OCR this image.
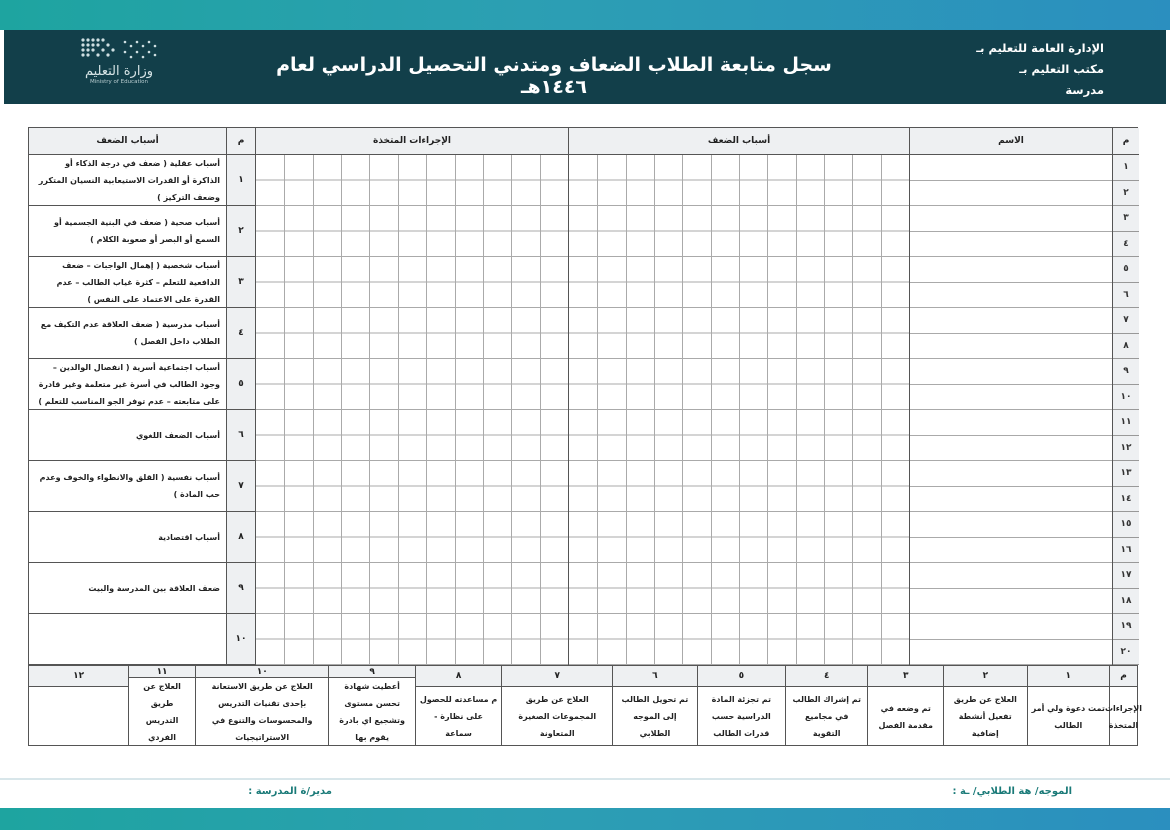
الإدارة العامة للتعليم بـ
مكتب التعليم بـ
مدرسة
سجل متابعة الطلاب الضعاف ومتدني التحصيل الدراسي لعام ١٤٤٦هـ
وزارة التعليم
Ministry of Education
م
١
٢
٣
٤
٥
٦
٧
٨
٩
١٠
١١
١٢
١٣
١٤
١٥
١٦
١٧
١٨
١٩
٢٠
الاسم
أسباب الضعف
الإجراءات المتخذة
م
١
٢
٣
٤
٥
٦
٧
٨
٩
١٠
أسباب الضعف
أسباب عقلية ( ضعف في درجة الذكاء أو الذاكرة أو القدرات الاستيعابية النسيان المتكرر وضعف التركيز )
أسباب صحية ( ضعف في البنية الجسمية أو السمع أو البصر أو صعوبة الكلام )
أسباب شخصية ( إهمال الواجبات – ضعف الدافعية للتعلم – كثرة غياب الطالب – عدم القدرة على الاعتماد على النفس )
أسباب مدرسية ( ضعف العلاقة عدم التكيف مع الطلاب داخل الفصل )
أسباب اجتماعية أسرية ( انفصال الوالدين – وجود الطالب في أسرة غير متعلمة وغير قادرة على متابعته – عدم توفر الجو المناسب للتعلم )
أسباب الضعف اللغوي
أسباب نفسية ( القلق والانطواء والخوف وعدم حب المادة )
أسباب اقتصادية
ضعف العلاقة بين المدرسة والبيت
م
الإجراءات المتخذة
١
تمت دعوة ولي أمر الطالب
٢
العلاج عن طريق تفعيل أنشطة إضافية
٣
تم وضعه في مقدمة الفصل
٤
تم إشراك الطالب في مجاميع التقوية
٥
تم تجزئة المادة الدراسية حسب قدرات الطالب
٦
تم تحويل الطالب إلى الموجه الطلابي
٧
العلاج عن طريق المجموعات الصغيرة المتعاونة
٨
م مساعدته للحصول على نظارة - سماعة
٩
أعطيت شهادة تحسن مستوى وتشجيع اي بادرة يقوم بها
١٠
العلاج عن طريق الاستعانة بإحدى تقنيات التدريس والمحسوسات والتنوع في الاستراتيجيات
١١
العلاج عن طريق التدريس الفردي
١٢
الموجه/ هة الطلابي/ ـة :
مدير/ة المدرسة :
